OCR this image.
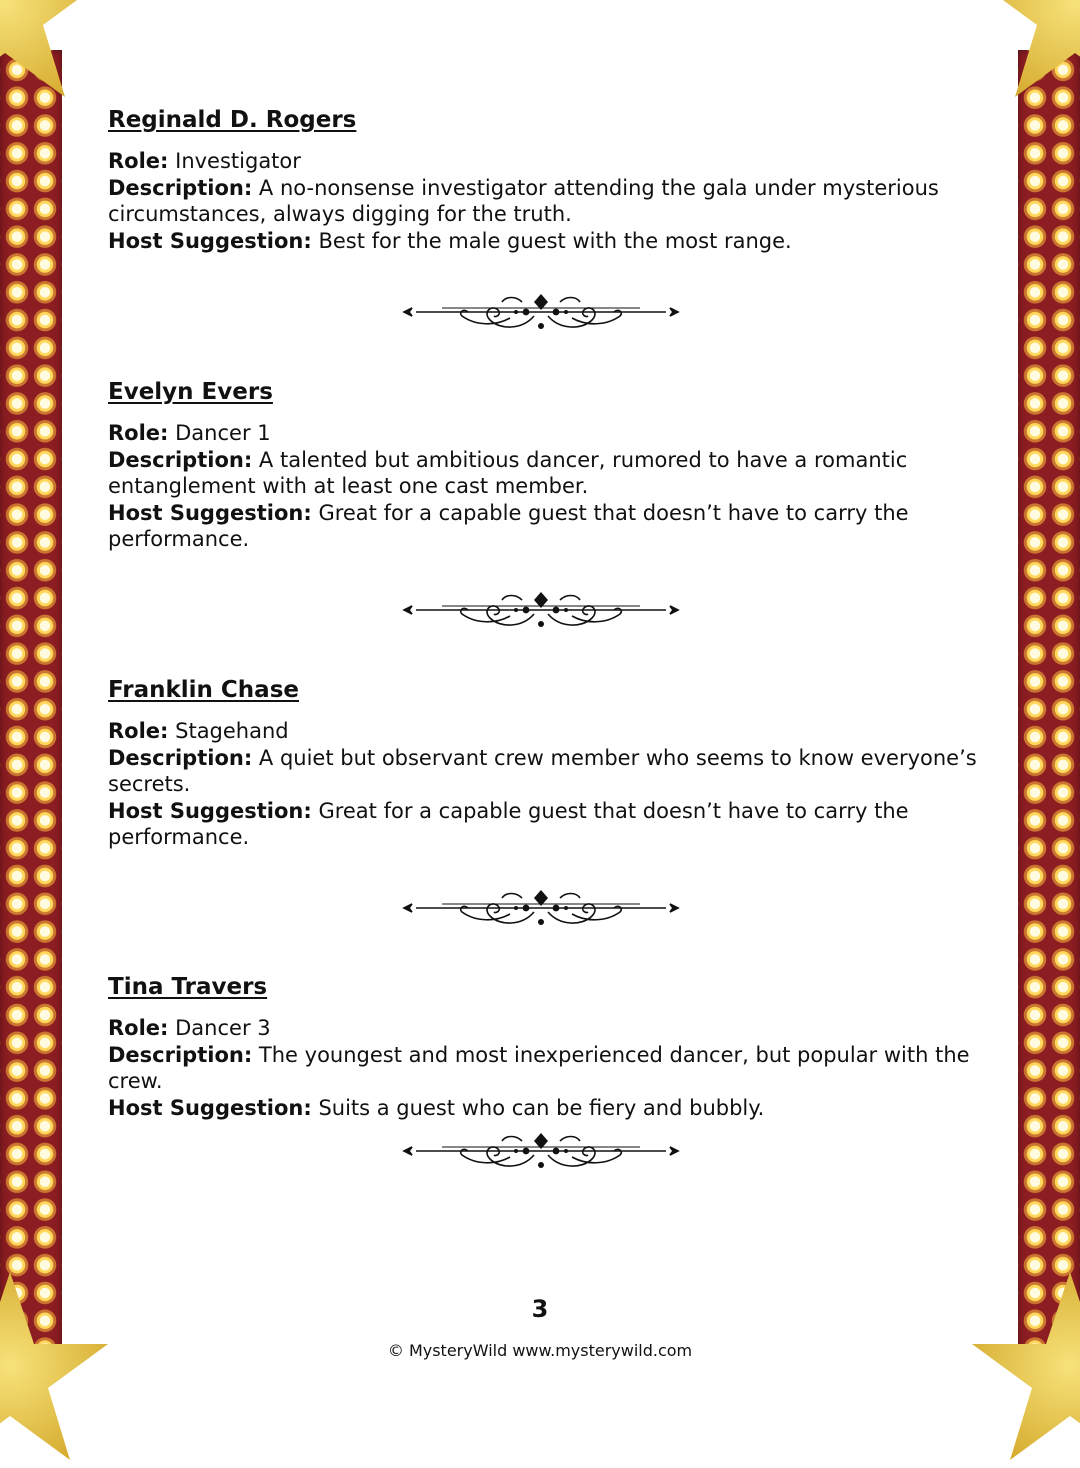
Reginald D. Rogers

Role: Investigator

Description: A no-nonsense investigator attending the gala under mysterious circumstances, always digging for the truth.

Host Suggestion: Best for the male guest with the most range.

Evelyn Evers

Role: Dancer 1

Description: A talented but ambitious dancer, rumored to have a romantic entanglement with at least one cast member.

Host Suggestion: Great for a capable guest that doesn’t have to carry the performance.

Franklin Chase

Role: Stagehand

Description: A quiet but observant crew member who seems to know everyone’s secrets.

Host Suggestion: Great for a capable guest that doesn’t have to carry the performance.

Tina Travers

Role: Dancer 3

Description: The youngest and most inexperienced dancer, but popular with the crew.

Host Suggestion: Suits a guest who can be fiery and bubbly.

3
© MysteryWild www.mysterywild.com
